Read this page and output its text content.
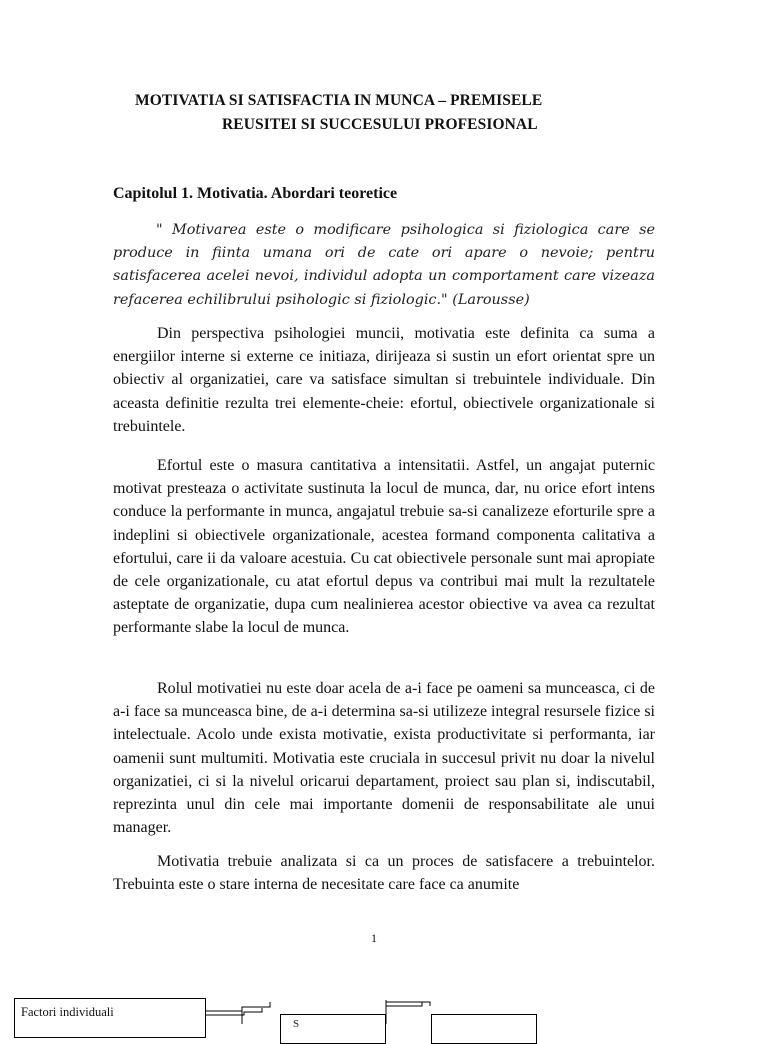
MOTIVATIA SI SATISFACTIA IN MUNCA – PREMISELE
REUSITEI SI SUCCESULUI PROFESIONAL
Capitolul 1. Motivatia. Abordari teoretice

" Motivarea este o modificare psihologica si fiziologica care se produce in fiinta umana ori de cate ori apare o nevoie; pentru satisfacerea acelei nevoi, individul adopta un comportament care vizeaza refacerea echilibrului psihologic si fiziologic." (Larousse)

Din perspectiva psihologiei muncii, motivatia este definita ca suma a energiilor interne si externe ce initiaza, dirijeaza si sustin un efort orientat spre un obiectiv al organizatiei, care va satisface simultan si trebuintele individuale. Din aceasta definitie rezulta trei elemente-cheie: efortul, obiectivele organizationale si trebuintele.

Efortul este o masura cantitativa a intensitatii. Astfel, un angajat puternic motivat presteaza o activitate sustinuta la locul de munca, dar, nu orice efort intens conduce la performante in munca, angajatul trebuie sa-si canalizeze eforturile spre a indeplini si obiectivele organizationale, acestea formand componenta calitativa a efortului, care ii da valoare acestuia. Cu cat obiectivele personale sunt mai apropiate de cele organizationale, cu atat efortul depus va contribui mai mult la rezultatele asteptate de organizatie, dupa cum nealinierea acestor obiective va avea ca rezultat performante slabe la locul de munca.

Rolul motivatiei nu este doar acela de a-i face pe oameni sa munceasca, ci de a-i face sa munceasca bine, de a-i determina sa-si utilizeze integral resursele fizice si intelectuale. Acolo unde exista motivatie, exista productivitate si performanta, iar oamenii sunt multumiti. Motivatia este cruciala in succesul privit nu doar la nivelul organizatiei, ci si la nivelul oricarui departament, proiect sau plan si, indiscutabil, reprezinta unul din cele mai importante domenii de responsabilitate ale unui manager.

Motivatia trebuie analizata si ca un proces de satisfacere a trebuintelor. Trebuinta este o stare interna de necesitate care face ca anumite

1
Factori individuali
S
